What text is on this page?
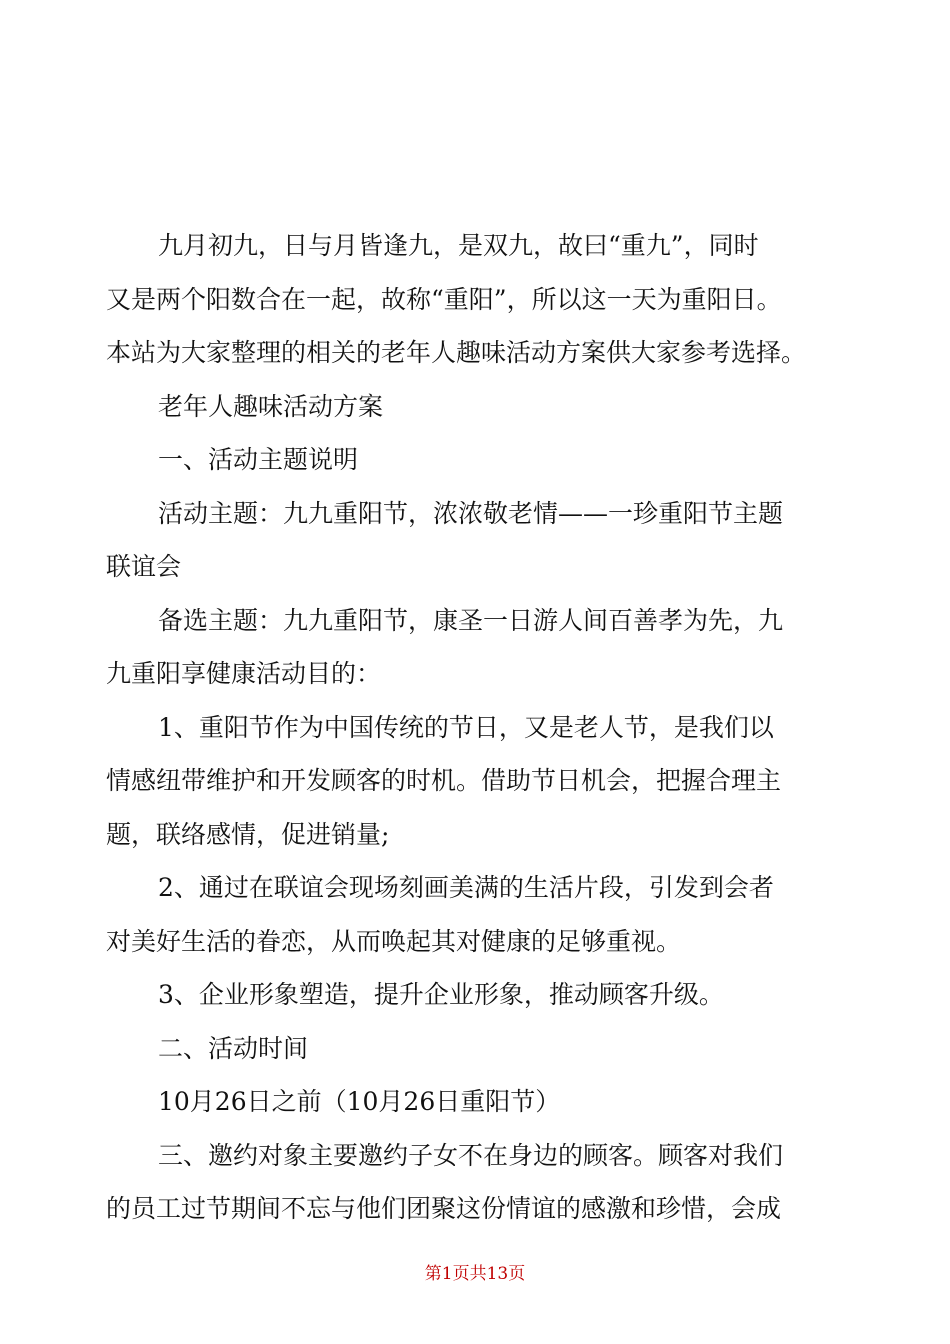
九月初九，日与月皆逢九，是双九，故曰“重九”，同时
又是两个阳数合在一起，故称“重阳”，所以这一天为重阳日。
本站为大家整理的相关的老年人趣味活动方案供大家参考选择。
老年人趣味活动方案
一、活动主题说明
活动主题：九九重阳节，浓浓敬老情——一珍重阳节主题
联谊会
备选主题：九九重阳节，康圣一日游人间百善孝为先，九
九重阳享健康活动目的：
1、重阳节作为中国传统的节日，又是老人节，是我们以
情感纽带维护和开发顾客的时机。借助节日机会，把握合理主
题，联络感情，促进销量;
2、通过在联谊会现场刻画美满的生活片段，引发到会者
对美好生活的眷恋，从而唤起其对健康的足够重视。
3、企业形象塑造，提升企业形象，推动顾客升级。
二、活动时间
10月26日之前（10月26日重阳节）
三、邀约对象主要邀约子女不在身边的顾客。顾客对我们
的员工过节期间不忘与他们团聚这份情谊的感激和珍惜，会成
第1页共13页
